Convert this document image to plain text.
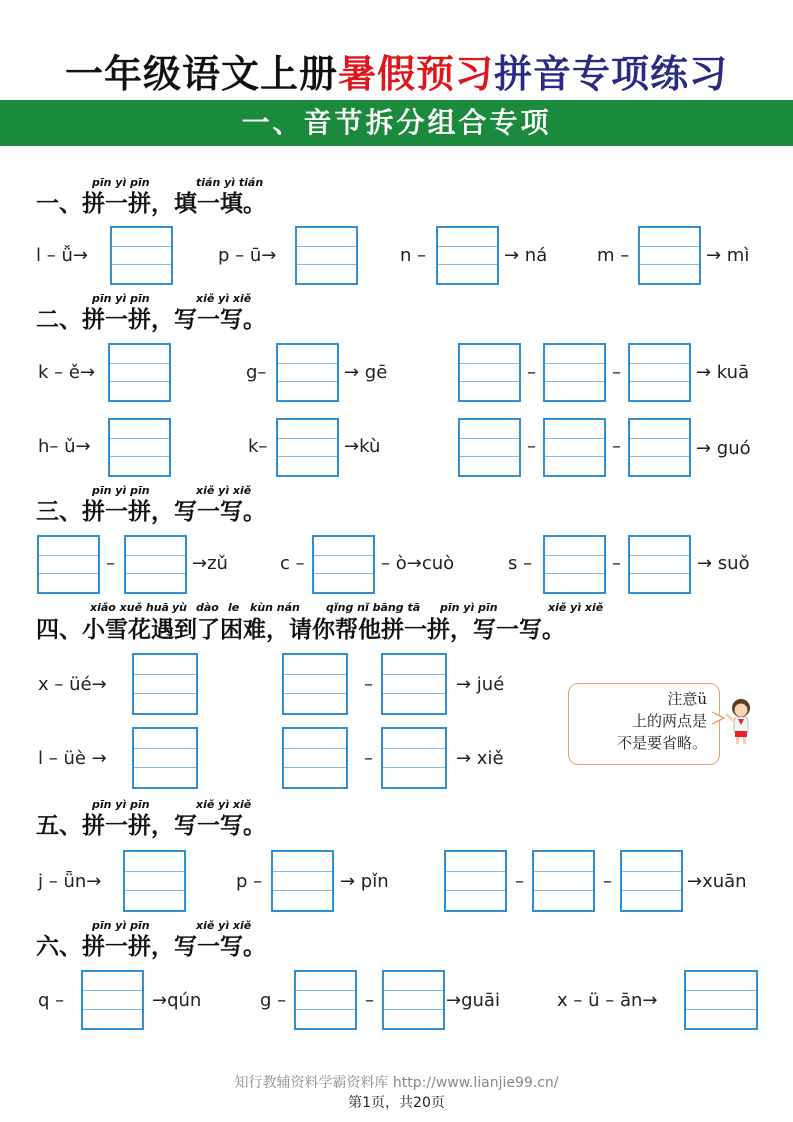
一年级语文上册暑假预习拼音专项练习
一、音节拆分组合专项
pīn yì pīn	tián yì tián
一、拼一拼，填一填。
l – ǚ→	p – ū→	n –	→ ná	m –	→ mì
pīn yì pīn	xiě yì xiě
二、拼一拼，写一写。
k – ě→	g–	→ gē	–	–	→ kuā
h– ǔ→	k–	→kù	–	–	→ guó
pīn yì pīn	xiě yì xiě
三、拼一拼，写一写。
–	→zǔ	c –	– ò→cuò	s –	–	→ suǒ
xiǎo xuě huā yù dào le kùn nán qǐng nǐ bāng tā pīn yì pīn	xiě yì xiě
四、小雪花遇到了困难，请你帮他拼一拼，写一写。
x – üé→	–	→ jué
l – üè →	–	→ xiě
注意ü
上的两点是
不是要省略。
pīn yì pīn	xiě yì xiě
五、拼一拼，写一写。
j – ǖn→	p –	→ pǐn	–	–	→xuān
pīn yì pīn	xiě yì xiě
六、拼一拼，写一写。
q –	→qún	g –	–	→guāi	x – ü – ān→
知行教辅资料学霸资料库 http://www.lianjie99.cn/
第1页，共20页
